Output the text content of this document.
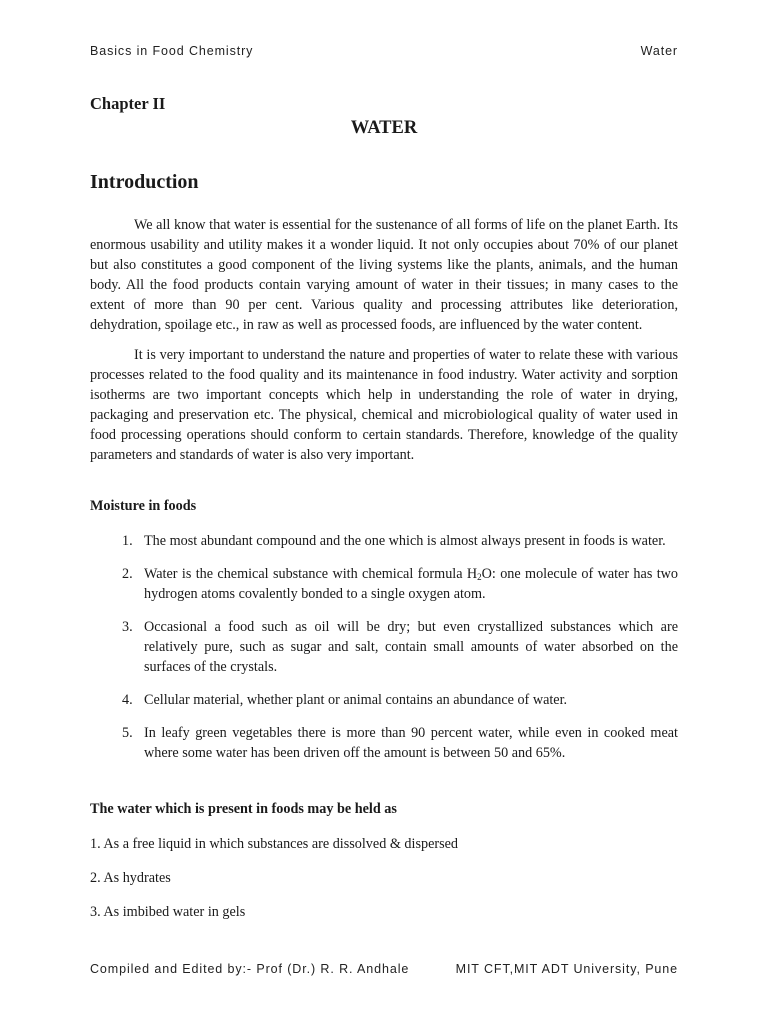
Basics in Food Chemistry	Water
Chapter II
WATER
Introduction

We all know that water is essential for the sustenance of all forms of life on the planet Earth. Its enormous usability and utility makes it a wonder liquid. It not only occupies about 70% of our planet but also constitutes a good component of the living systems like the plants, animals, and the human body. All the food products contain varying amount of water in their tissues; in many cases to the extent of more than 90 per cent. Various quality and processing attributes like deterioration, dehydration, spoilage etc., in raw as well as processed foods, are influenced by the water content.

It is very important to understand the nature and properties of water to relate these with various processes related to the food quality and its maintenance in food industry. Water activity and sorption isotherms are two important concepts which help in understanding the role of water in drying, packaging and preservation etc. The physical, chemical and microbiological quality of water used in food processing operations should conform to certain standards. Therefore, knowledge of the quality parameters and standards of water is also very important.

Moisture in foods
1. The most abundant compound and the one which is almost always present in foods is water.
2. Water is the chemical substance with chemical formula $H_2O$: one molecule of water has two hydrogen atoms covalently bonded to a single oxygen atom.
3. Occasional a food such as oil will be dry; but even crystallized substances which are relatively pure, such as sugar and salt, contain small amounts of water absorbed on the surfaces of the crystals.
4. Cellular material, whether plant or animal contains an abundance of water.
5. In leafy green vegetables there is more than 90 percent water, while even in cooked meat where some water has been driven off the amount is between 50 and 65%.
The water which is present in foods may be held as

1. As a free liquid in which substances are dissolved & dispersed

2. As hydrates

3. As imbibed water in gels

Compiled and Edited by:- Prof (Dr.) R. R. Andhale	MIT CFT,MIT ADT University, Pune
